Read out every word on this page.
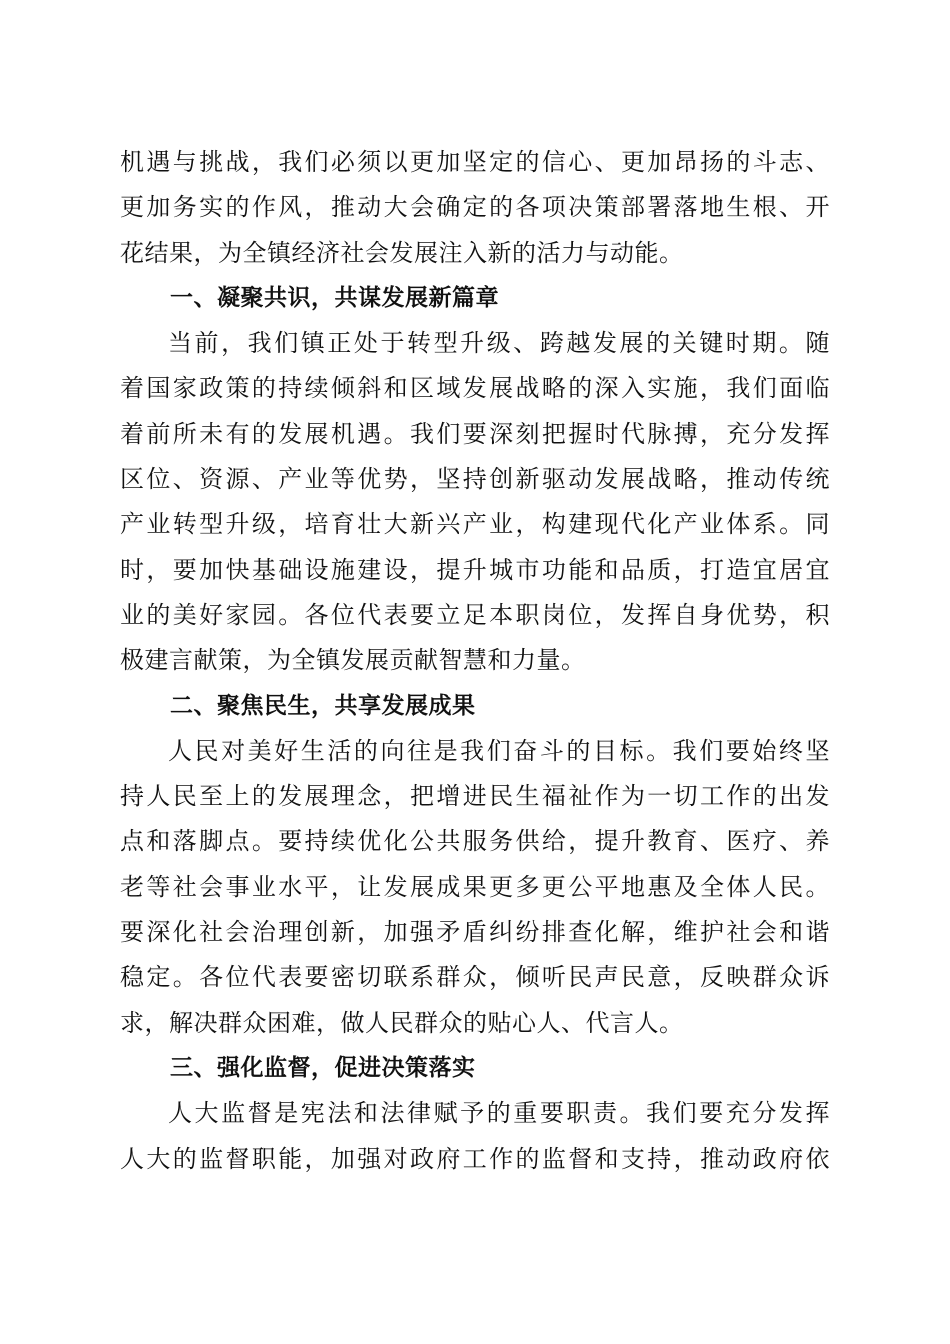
机遇与挑战，我们必须以更加坚定的信心、更加昂扬的斗志、
更加务实的作风，推动大会确定的各项决策部署落地生根、开
花结果，为全镇经济社会发展注入新的活力与动能。
一、凝聚共识，共谋发展新篇章
当前，我们镇正处于转型升级、跨越发展的关键时期。随
着国家政策的持续倾斜和区域发展战略的深入实施，我们面临
着前所未有的发展机遇。我们要深刻把握时代脉搏，充分发挥
区位、资源、产业等优势，坚持创新驱动发展战略，推动传统
产业转型升级，培育壮大新兴产业，构建现代化产业体系。同
时，要加快基础设施建设，提升城市功能和品质，打造宜居宜
业的美好家园。各位代表要立足本职岗位，发挥自身优势，积
极建言献策，为全镇发展贡献智慧和力量。
二、聚焦民生，共享发展成果
人民对美好生活的向往是我们奋斗的目标。我们要始终坚
持人民至上的发展理念，把增进民生福祉作为一切工作的出发
点和落脚点。要持续优化公共服务供给，提升教育、医疗、养
老等社会事业水平，让发展成果更多更公平地惠及全体人民。
要深化社会治理创新，加强矛盾纠纷排查化解，维护社会和谐
稳定。各位代表要密切联系群众，倾听民声民意，反映群众诉
求，解决群众困难，做人民群众的贴心人、代言人。
三、强化监督，促进决策落实
人大监督是宪法和法律赋予的重要职责。我们要充分发挥
人大的监督职能，加强对政府工作的监督和支持，推动政府依
